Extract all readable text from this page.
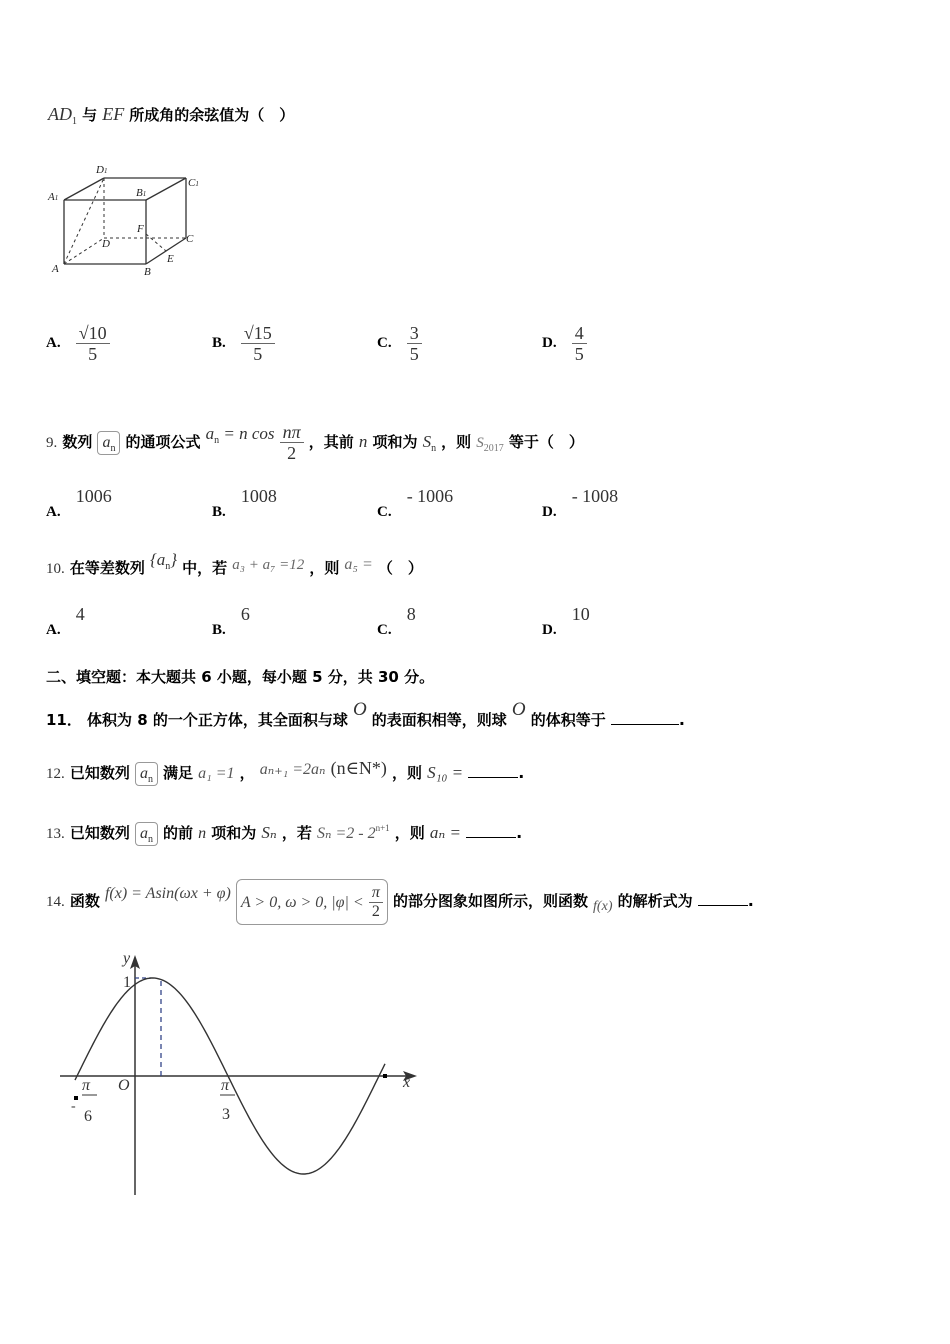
$AD_1$ 与 EF 所成角的余弦值为（　）
D1
A1	B1
C1
D
F
C
A	B
E
A. $\frac{√10}{5}$	B. $\frac{√15}{5}$	C. $\frac{3}{5}$	D. $\frac{4}{5}$
9. 数列 $a_n$ 的通项公式 $a_n = n$ $\cos \frac{n\pi}{2}$ ，其前 n 项和为 $S_n$ ，则 $S_{2017}$ 等于（　）
A. 1006
B. 1008
C. - 1006
D. - 1008
10. 在等差数列 $\{a_n\}$ 中，若 a₃ + a₇ =12 ，则 a₅ = （　）
A. 4
B. 6
C. 8
D. 10
二、填空题：本大题共 6 小题，每小题 5 分，共 30 分。
11． 体积为 8 的一个正方体，其全面积与球 O 的表面积相等，则球 O 的体积等于	.
12. 已知数列 $a_n$ 满足 a₁ =1 ， aₙ₊₁ =2aₙ (n∈N*) ，则 S₁₀ =	.
13. 已知数列 $a_n$ 的前 n 项和为 Sₙ ，若 $S_n =2 - 2^{n+1}$ ，则 aₙ =	.
14. 函数 f(x) = Asin(ωx + φ) A > 0, ω > 0, $|\varphi| < \frac{\pi}{2}$ 的部分图象如图所示，则函数 f(x) 的解析式为	.
y
x
O
1
-
π
6
π
3
